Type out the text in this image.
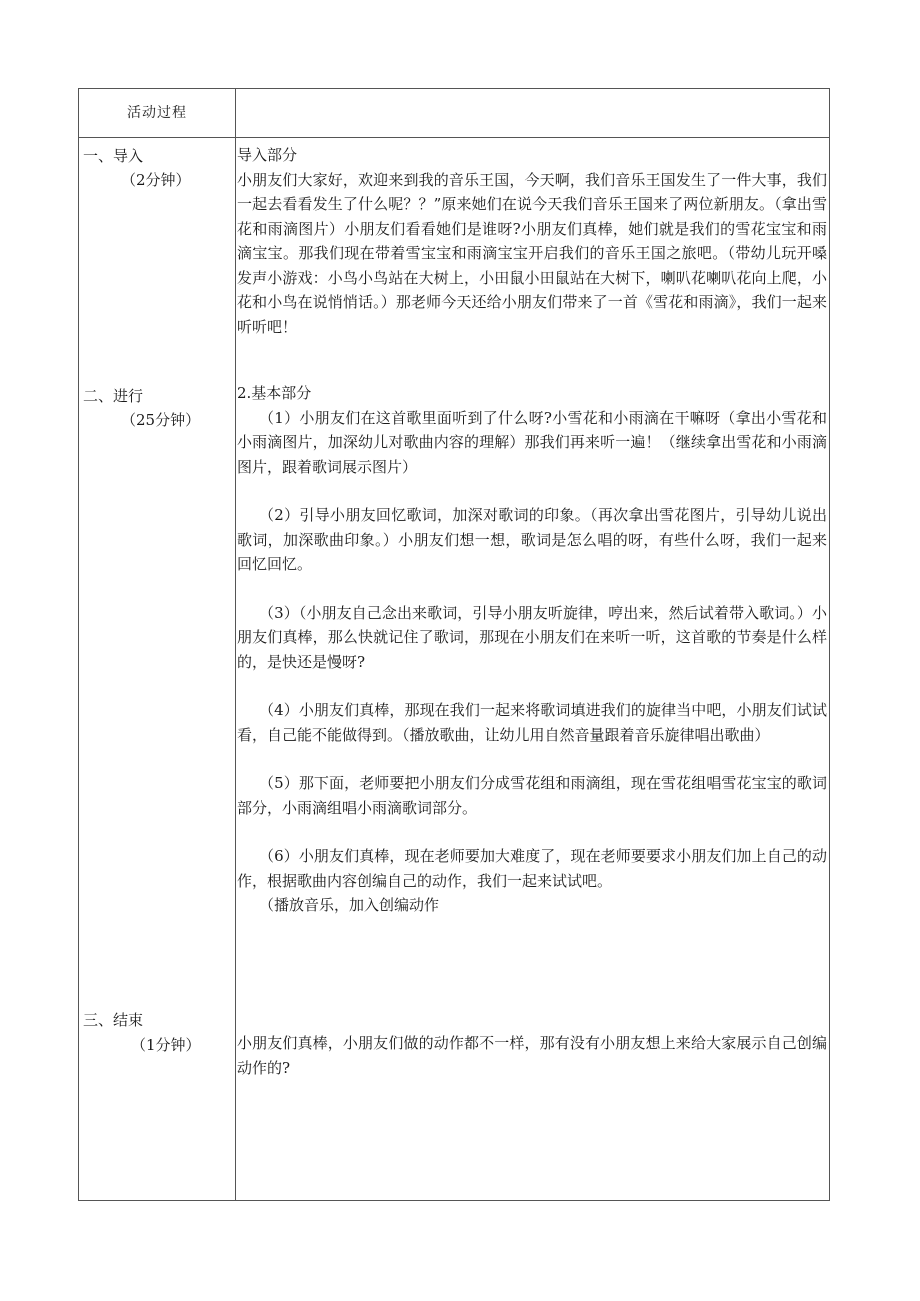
活动过程
一、导入
（2分钟）

导入部分

小朋友们大家好，欢迎来到我的音乐王国，今天啊，我们音乐王国发生了一件大事，我们一起去看看发生了什么呢？？”原来她们在说今天我们音乐王国来了两位新朋友。（拿出雪花和雨滴图片）小朋友们看看她们是谁呀?小朋友们真棒，她们就是我们的雪花宝宝和雨滴宝宝。那我们现在带着雪宝宝和雨滴宝宝开启我们的音乐王国之旅吧。（带幼儿玩开嗓发声小游戏：小鸟小鸟站在大树上，小田鼠小田鼠站在大树下，喇叭花喇叭花向上爬，小花和小鸟在说悄悄话。）那老师今天还给小朋友们带来了一首《雪花和雨滴》，我们一起来听听吧！

二、进行
（25分钟）

2.基本部分

（1）小朋友们在这首歌里面听到了什么呀?小雪花和小雨滴在干嘛呀（拿出小雪花和小雨滴图片，加深幼儿对歌曲内容的理解）那我们再来听一遍！（继续拿出雪花和小雨滴图片，跟着歌词展示图片）

（2）引导小朋友回忆歌词，加深对歌词的印象。（再次拿出雪花图片，引导幼儿说出歌词，加深歌曲印象。）小朋友们想一想，歌词是怎么唱的呀，有些什么呀，我们一起来回忆回忆。

（3）（小朋友自己念出来歌词，引导小朋友听旋律，哼出来，然后试着带入歌词。）小朋友们真棒，那么快就记住了歌词，那现在小朋友们在来听一听，这首歌的节奏是什么样的，是快还是慢呀?

（4）小朋友们真棒，那现在我们一起来将歌词填进我们的旋律当中吧，小朋友们试试看，自己能不能做得到。（播放歌曲，让幼儿用自然音量跟着音乐旋律唱出歌曲）

（5）那下面，老师要把小朋友们分成雪花组和雨滴组，现在雪花组唱雪花宝宝的歌词部分，小雨滴组唱小雨滴歌词部分。

（6）小朋友们真棒，现在老师要加大难度了，现在老师要要求小朋友们加上自己的动作，根据歌曲内容创编自己的动作，我们一起来试试吧。

（播放音乐，加入创编动作

三、结束
（1分钟） 小朋友们真棒，小朋友们做的动作都不一样，那有没有小朋友想上来给大家展示自己创编动作的?
